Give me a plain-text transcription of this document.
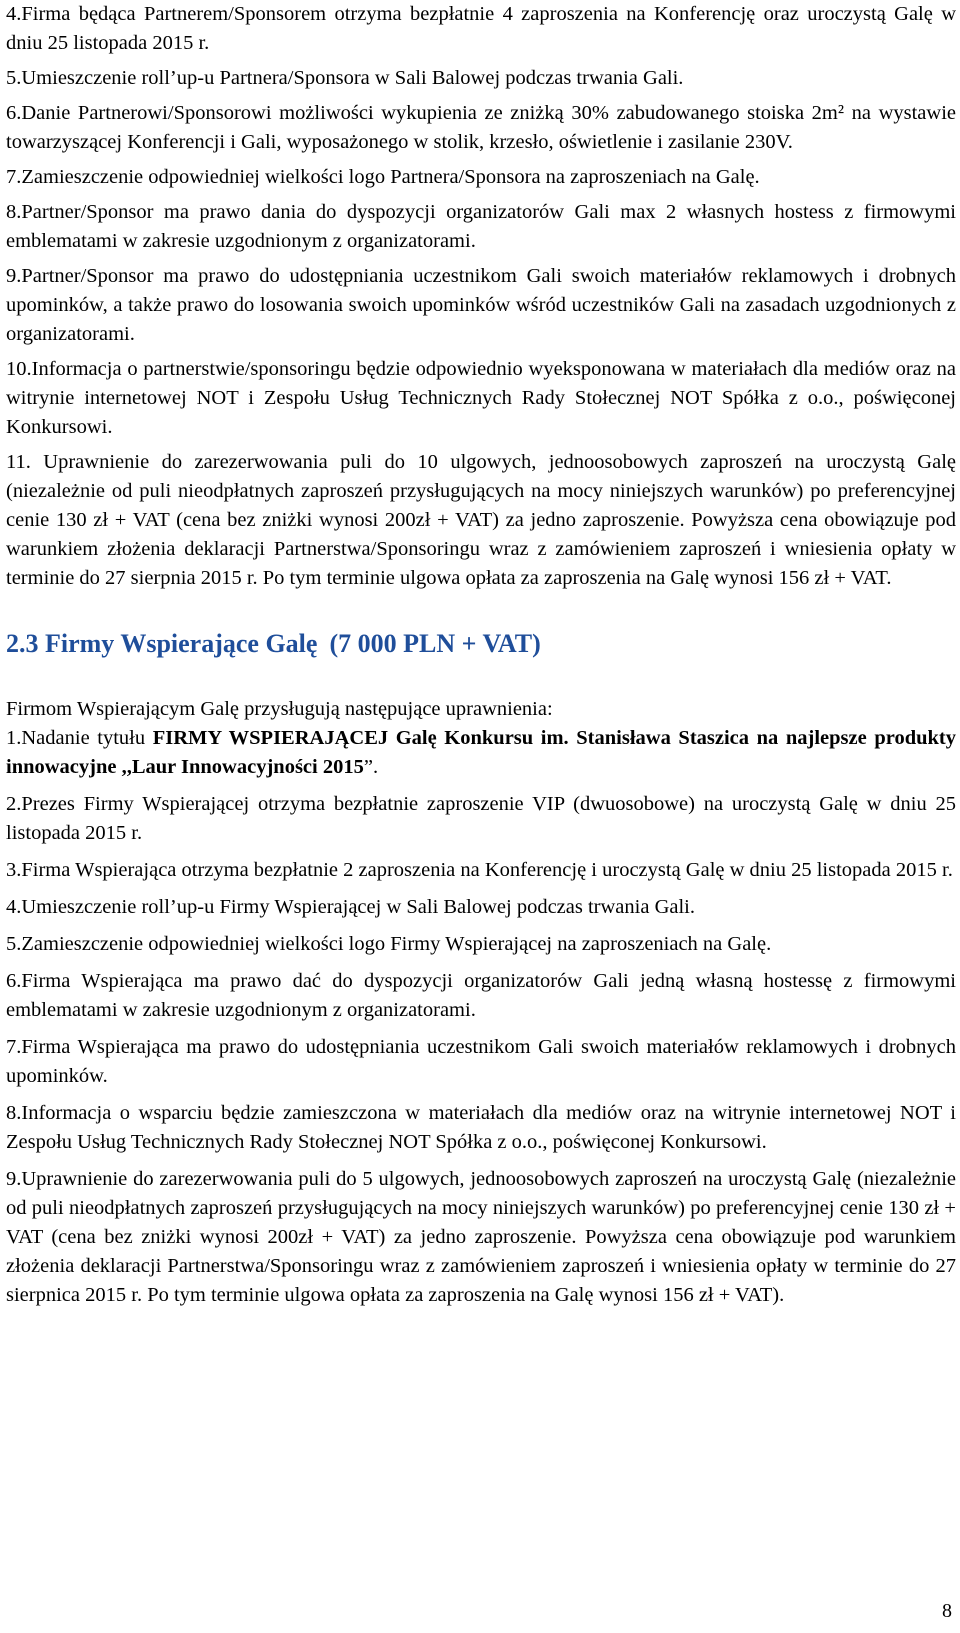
4.Firma będąca Partnerem/Sponsorem otrzyma bezpłatnie 4 zaproszenia na Konferencję oraz uroczystą Galę w dniu 25 listopada 2015 r.

5.Umieszczenie roll’up-u Partnera/Sponsora w Sali Balowej podczas trwania Gali.

6.Danie Partnerowi/Sponsorowi możliwości wykupienia ze zniżką 30% zabudowanego stoiska 2m² na wystawie towarzyszącej Konferencji i Gali, wyposażonego w stolik, krzesło, oświetlenie i zasilanie 230V.

7.Zamieszczenie odpowiedniej wielkości logo Partnera/Sponsora na zaproszeniach na Galę.

8.Partner/Sponsor ma prawo dania do dyspozycji organizatorów Gali max 2 własnych hostess z firmowymi emblematami w zakresie uzgodnionym z organizatorami.

9.Partner/Sponsor ma prawo do udostępniania uczestnikom Gali swoich materiałów reklamowych i drobnych upominków, a także prawo do losowania swoich upominków wśród uczestników Gali na zasadach uzgodnionych z organizatorami.

10.Informacja o partnerstwie/sponsoringu będzie odpowiednio wyeksponowana w materiałach dla mediów oraz na witrynie internetowej NOT i Zespołu Usług Technicznych Rady Stołecznej NOT Spółka z o.o., poświęconej Konkursowi.

11. Uprawnienie do zarezerwowania puli do 10 ulgowych, jednoosobowych zaproszeń na uroczystą Galę (niezależnie od puli nieodpłatnych zaproszeń przysługujących na mocy niniejszych warunków) po preferencyjnej cenie 130 zł + VAT (cena bez zniżki wynosi 200zł + VAT) za jedno zaproszenie. Powyższa cena obowiązuje pod warunkiem złożenia deklaracji Partnerstwa/Sponsoringu wraz z zamówieniem zaproszeń i wniesienia opłaty w terminie do 27 sierpnia 2015 r. Po tym terminie ulgowa opłata za zaproszenia na Galę wynosi 156 zł + VAT.

2.3 Firmy Wspierające Galę (7 000 PLN + VAT)

Firmom Wspierającym Galę przysługują następujące uprawnienia:

1.Nadanie tytułu FIRMY WSPIERAJĄCEJ Galę Konkursu im. Stanisława Staszica na najlepsze produkty innowacyjne ,,Laur Innowacyjności 2015”.

2.Prezes Firmy Wspierającej otrzyma bezpłatnie zaproszenie VIP (dwuosobowe) na uroczystą Galę w dniu 25 listopada 2015 r.

3.Firma Wspierająca otrzyma bezpłatnie 2 zaproszenia na Konferencję i uroczystą Galę w dniu 25 listopada 2015 r.

4.Umieszczenie roll’up-u Firmy Wspierającej w Sali Balowej podczas trwania Gali.

5.Zamieszczenie odpowiedniej wielkości logo Firmy Wspierającej na zaproszeniach na Galę.

6.Firma Wspierająca ma prawo dać do dyspozycji organizatorów Gali jedną własną hostessę z firmowymi emblematami w zakresie uzgodnionym z organizatorami.

7.Firma Wspierająca ma prawo do udostępniania uczestnikom Gali swoich materiałów reklamowych i drobnych upominków.

8.Informacja o wsparciu będzie zamieszczona w materiałach dla mediów oraz na witrynie internetowej NOT i Zespołu Usług Technicznych Rady Stołecznej NOT Spółka z o.o., poświęconej Konkursowi.

9.Uprawnienie do zarezerwowania puli do 5 ulgowych, jednoosobowych zaproszeń na uroczystą Galę (niezależnie od puli nieodpłatnych zaproszeń przysługujących na mocy niniejszych warunków) po preferencyjnej cenie 130 zł + VAT (cena bez zniżki wynosi 200zł + VAT) za jedno zaproszenie. Powyższa cena obowiązuje pod warunkiem złożenia deklaracji Partnerstwa/Sponsoringu wraz z zamówieniem zaproszeń i wniesienia opłaty w terminie do 27 sierpnica 2015 r. Po tym terminie ulgowa opłata za zaproszenia na Galę wynosi 156 zł + VAT).

8
